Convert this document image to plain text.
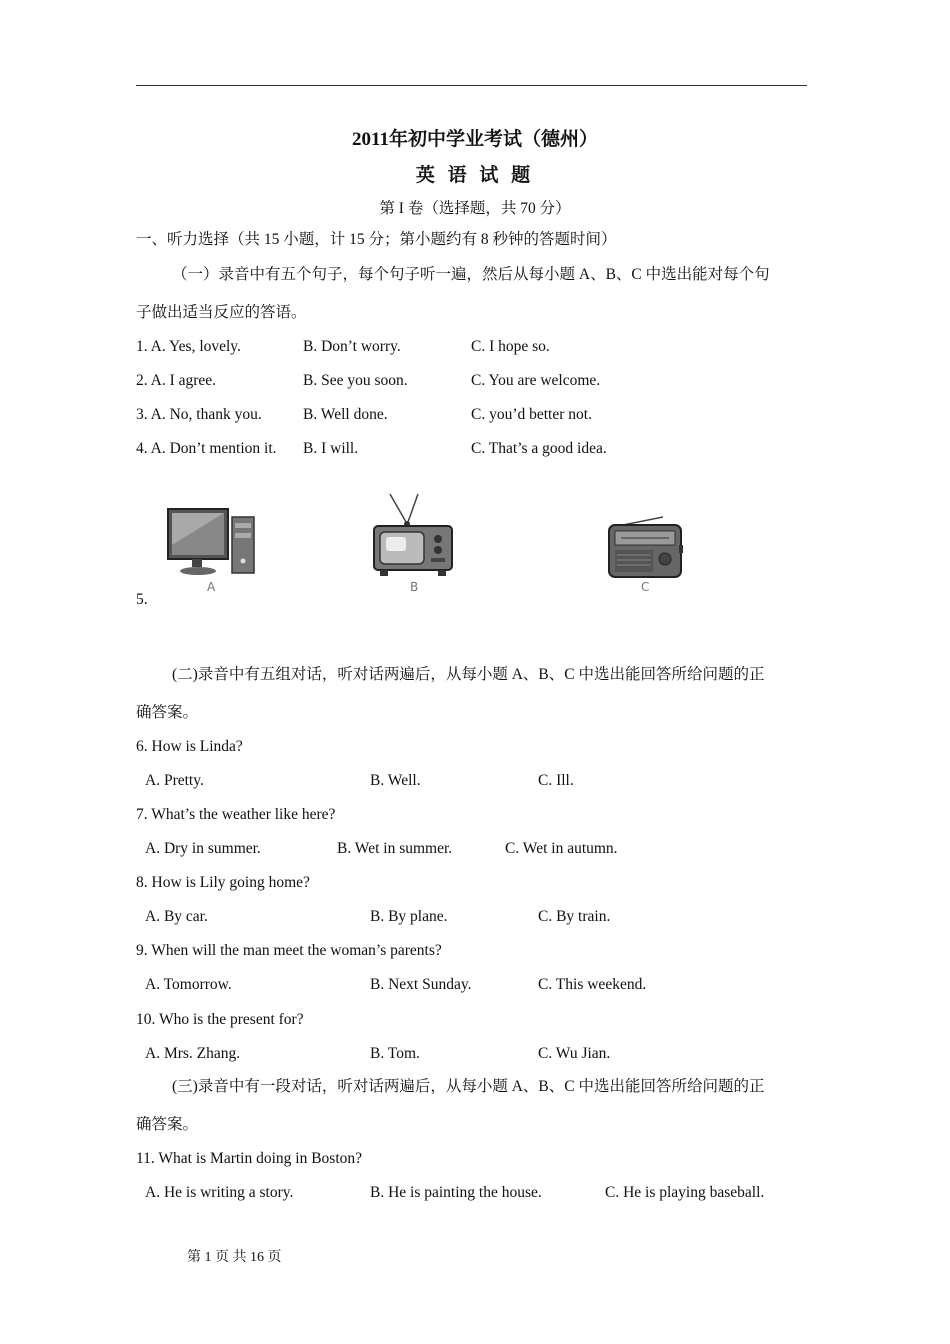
2011年初中学业考试（德州）
英 语 试 题
第 I 卷（选择题，共 70 分）
一、听力选择（共 15 小题，计 15 分；第小题约有 8 秒钟的答题时间）
（一）录音中有五个句子，每个句子听一遍，然后从每小题 A、B、C 中选出能对每个句
子做出适当反应的答语。
1. A. Yes, lovely.	B. Don’t worry.	C. I hope so.
2. A. I agree.	B. See you soon.	C. You are welcome.
3. A. No, thank you.	B. Well done.	C. you’d better not.
4. A. Don’t mention it. B. I will.	C. That’s a good idea.
5.
A	B	C
(二)录音中有五组对话，听对话两遍后，从每小题 A、B、C 中选出能回答所给问题的正
确答案。
6. How is Linda?
A. Pretty.	B. Well.	C. Ill.
7. What’s the weather like here?
A. Dry in summer.	B. Wet in summer.	C. Wet in autumn.
8. How is Lily going home?
A. By car.	B. By plane.	C. By train.
9. When will the man meet the woman’s parents?
A. Tomorrow.	B. Next Sunday.	C. This weekend.
10. Who is the present for?
A. Mrs. Zhang.	B. Tom.	C. Wu Jian.
(三)录音中有一段对话，听对话两遍后，从每小题 A、B、C 中选出能回答所给问题的正
确答案。
11. What is Martin doing in Boston?
A. He is writing a story.	B. He is painting the house.	C. He is playing baseball.
第 1 页 共 16 页
